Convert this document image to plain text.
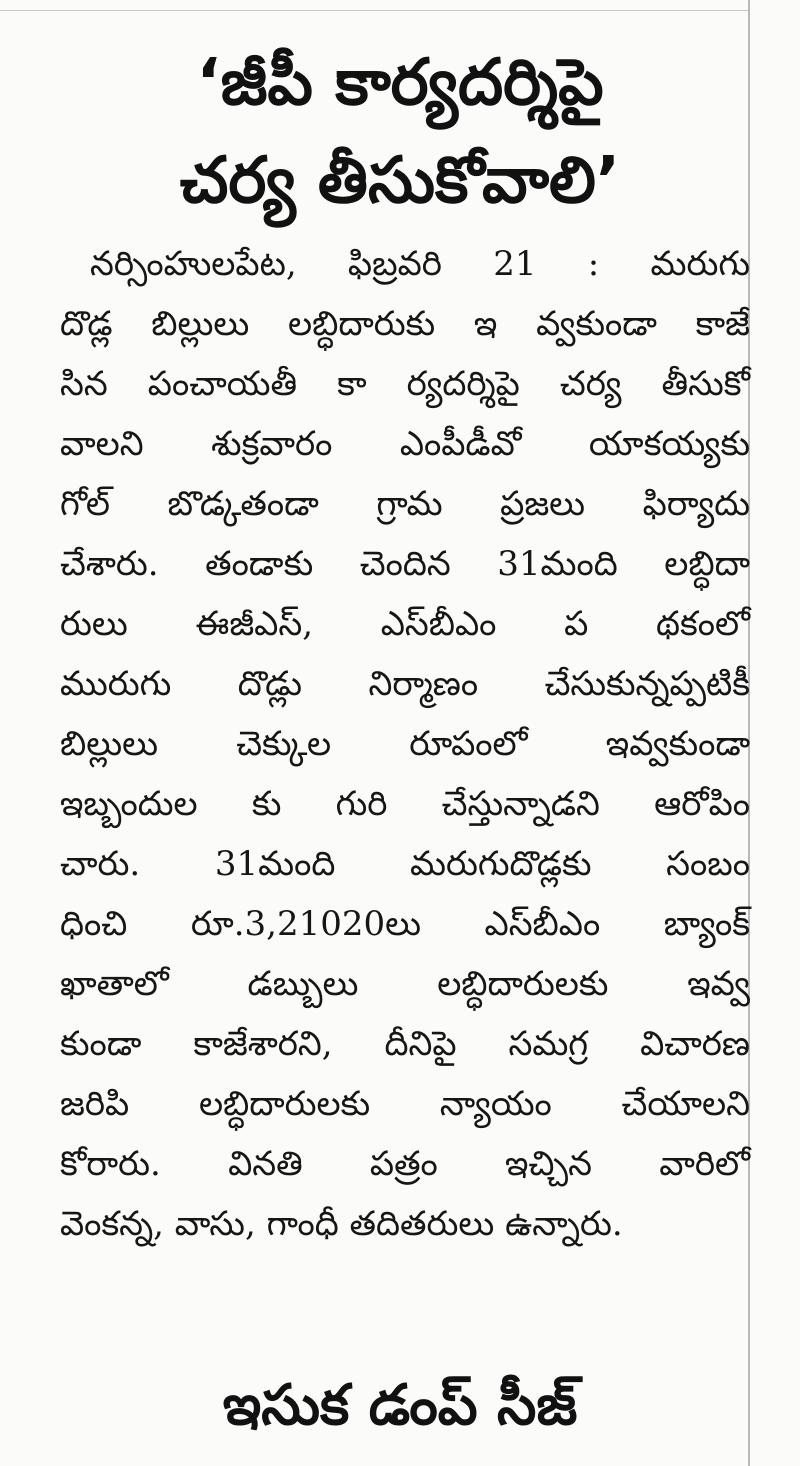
‘జీపీ కార్యదర్శిపై
చర్య తీసుకోవాలి’
నర్సింహులపేట, ఫిబ్రవరి 21 : మరుగు
దొడ్ల బిల్లులు లబ్ధిదారుకు ఇ వ్వకుండా కాజే
సిన పంచాయతీ కా ర్యదర్శిపై చర్య తీసుకో
వాలని శుక్రవారం ఎంపీడీవో యాకయ్యకు
గోల్ బొడ్కతండా గ్రామ ప్రజలు ఫిర్యాదు
చేశారు. తండాకు చెందిన 31మంది లబ్ధిదా
రులు ఈజీఎస్, ఎస్‌బీఎం ప థకంలో
మురుగు దొడ్లు నిర్మాణం చేసుకున్నప్పటికీ
బిల్లులు చెక్కుల రూపంలో ఇవ్వకుండా
ఇబ్బందుల కు గురి చేస్తున్నాడని ఆరోపిం
చారు. 31మంది మరుగుదొడ్లకు సంబం
ధించి రూ.3,21020లు ఎస్‌బీఎం బ్యాంక్
ఖాతాలో డబ్బులు లబ్ధిదారులకు ఇవ్వ
కుండా కాజేశారని, దీనిపై సమగ్ర విచారణ
జరిపి లబ్ధిదారులకు న్యాయం చేయాలని
కోరారు. వినతి పత్రం ఇచ్చిన వారిలో
వెంకన్న, వాసు, గాంధీ తదితరులు ఉన్నారు.
ఇసుక డంప్ సీజ్
